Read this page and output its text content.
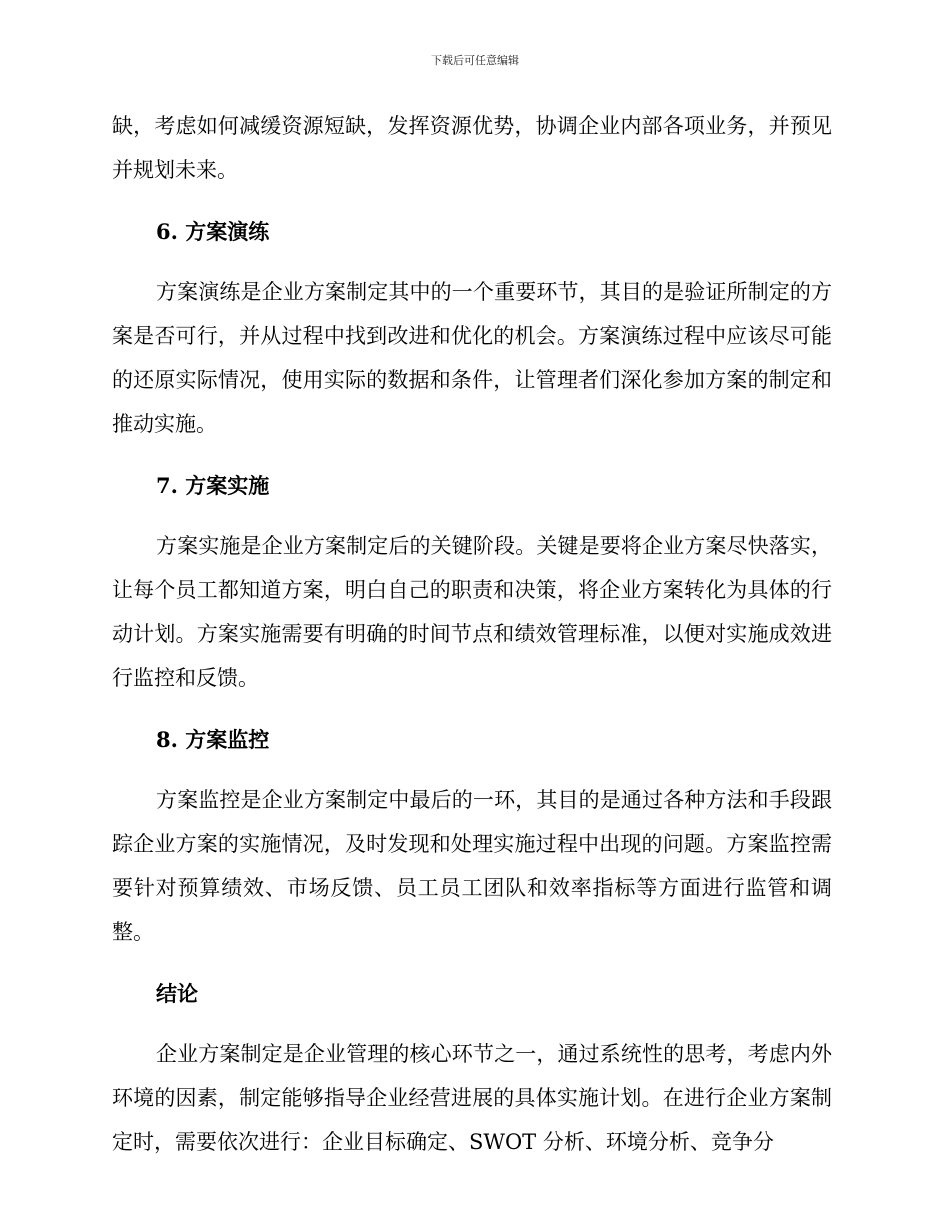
下载后可任意编辑

缺，考虑如何减缓资源短缺，发挥资源优势，协调企业内部各项业务，并预见并规划未来。

6. 方案演练

方案演练是企业方案制定其中的一个重要环节，其目的是验证所制定的方案是否可行，并从过程中找到改进和优化的机会。方案演练过程中应该尽可能的还原实际情况，使用实际的数据和条件，让管理者们深化参加方案的制定和推动实施。

7. 方案实施

方案实施是企业方案制定后的关键阶段。关键是要将企业方案尽快落实，让每个员工都知道方案，明白自己的职责和决策，将企业方案转化为具体的行动计划。方案实施需要有明确的时间节点和绩效管理标准，以便对实施成效进行监控和反馈。

8. 方案监控

方案监控是企业方案制定中最后的一环，其目的是通过各种方法和手段跟踪企业方案的实施情况，及时发现和处理实施过程中出现的问题。方案监控需要针对预算绩效、市场反馈、员工员工团队和效率指标等方面进行监管和调整。

结论

企业方案制定是企业管理的核心环节之一，通过系统性的思考，考虑内外环境的因素，制定能够指导企业经营进展的具体实施计划。在进行企业方案制定时，需要依次进行：企业目标确定、SWOT 分析、环境分析、竞争分
